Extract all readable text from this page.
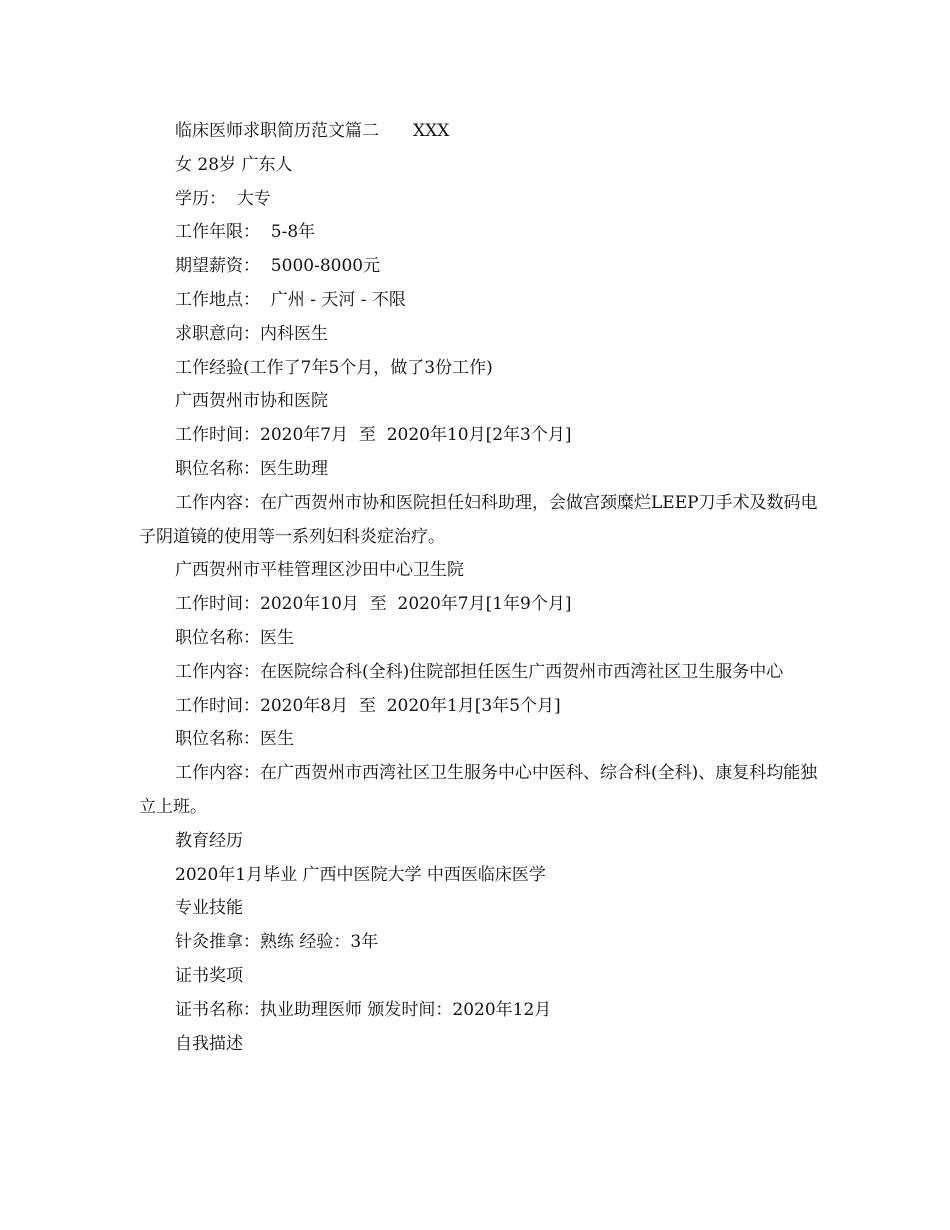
临床医师求职简历范文篇二　　XXX

女 28岁 广东人

学历：  大专

工作年限：  5-8年

期望薪资：  5000-8000元

工作地点：  广州 - 天河 - 不限

求职意向：内科医生

工作经验(工作了7年5个月，做了3份工作)

广西贺州市协和医院

工作时间：2020年7月  至  2020年10月[2年3个月]

职位名称：医生助理

工作内容：在广西贺州市协和医院担任妇科助理，会做宫颈糜烂LEEP刀手术及数码电子阴道镜的使用等一系列妇科炎症治疗。

广西贺州市平桂管理区沙田中心卫生院

工作时间：2020年10月  至  2020年7月[1年9个月]

职位名称：医生

工作内容：在医院综合科(全科)住院部担任医生广西贺州市西湾社区卫生服务中心

工作时间：2020年8月  至  2020年1月[3年5个月]

职位名称：医生

工作内容：在广西贺州市西湾社区卫生服务中心中医科、综合科(全科)、康复科均能独立上班。

教育经历

2020年1月毕业 广西中医院大学 中西医临床医学

专业技能

针灸推拿：熟练 经验：3年

证书奖项

证书名称：执业助理医师 颁发时间：2020年12月

自我描述
